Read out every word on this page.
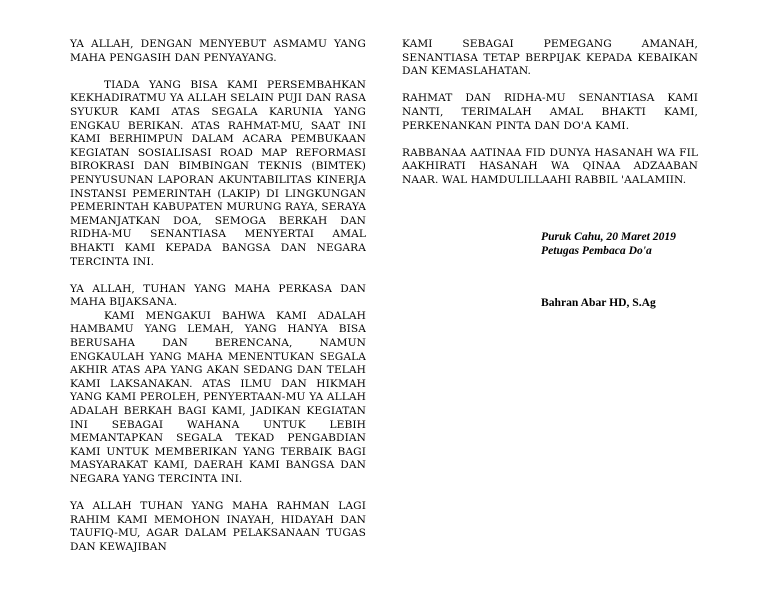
YA ALLAH, DENGAN MENYEBUT ASMAMU YANG MAHA PENGASIH DAN PENYAYANG.

TIADA YANG BISA KAMI PERSEMBAHKAN KEKHADIRATMU YA ALLAH SELAIN PUJI DAN RASA SYUKUR KAMI ATAS SEGALA KARUNIA YANG ENGKAU BERIKAN. ATAS RAHMAT-MU, SAAT INI KAMI BERHIMPUN DALAM ACARA PEMBUKAAN KEGIATAN SOSIALISASI ROAD MAP REFORMASI BIROKRASI DAN BIMBINGAN TEKNIS (BIMTEK) PENYUSUNAN LAPORAN AKUNTABILITAS KINERJA INSTANSI PEMERINTAH (LAKIP) DI LINGKUNGAN PEMERINTAH KABUPATEN MURUNG RAYA, SERAYA MEMANJATKAN DOA, SEMOGA BERKAH DAN RIDHA-MU SENANTIASA MENYERTAI AMAL BHAKTI KAMI KEPADA BANGSA DAN NEGARA TERCINTA INI.

YA ALLAH, TUHAN YANG MAHA PERKASA DAN MAHA BIJAKSANA.

KAMI MENGAKUI BAHWA KAMI ADALAH HAMBAMU YANG LEMAH, YANG HANYA BISA BERUSAHA DAN BERENCANA, NAMUN ENGKAULAH YANG MAHA MENENTUKAN SEGALA AKHIR ATAS APA YANG AKAN SEDANG DAN TELAH KAMI LAKSANAKAN. ATAS ILMU DAN HIKMAH YANG KAMI PEROLEH, PENYERTAAN-MU YA ALLAH ADALAH BERKAH BAGI KAMI, JADIKAN KEGIATAN INI SEBAGAI WAHANA UNTUK LEBIH MEMANTAPKAN SEGALA TEKAD PENGABDIAN KAMI UNTUK MEMBERIKAN YANG TERBAIK BAGI MASYARAKAT KAMI, DAERAH KAMI BANGSA DAN NEGARA YANG TERCINTA INI.

YA ALLAH TUHAN YANG MAHA RAHMAN LAGI RAHIM KAMI MEMOHON INAYAH, HIDAYAH DAN TAUFIQ-MU, AGAR DALAM PELAKSANAAN TUGAS DAN KEWAJIBAN

KAMI SEBAGAI PEMEGANG AMANAH, SENANTIASA TETAP BERPIJAK KEPADA KEBAIKAN DAN KEMASLAHATAN.

RAHMAT DAN RIDHA-MU SENANTIASA KAMI NANTI, TERIMALAH AMAL BHAKTI KAMI, PERKENANKAN PINTA DAN DO'A KAMI.

RABBANAA AATINAA FID DUNYA HASANAH WA FIL AAKHIRATI HASANAH WA QINAA ADZAABAN NAAR. WAL HAMDULILLAAHI RABBIL 'AALAMIIN.

Puruk Cahu, 20 Maret 2019
Petugas Pembaca Do'a
Bahran Abar HD, S.Ag
